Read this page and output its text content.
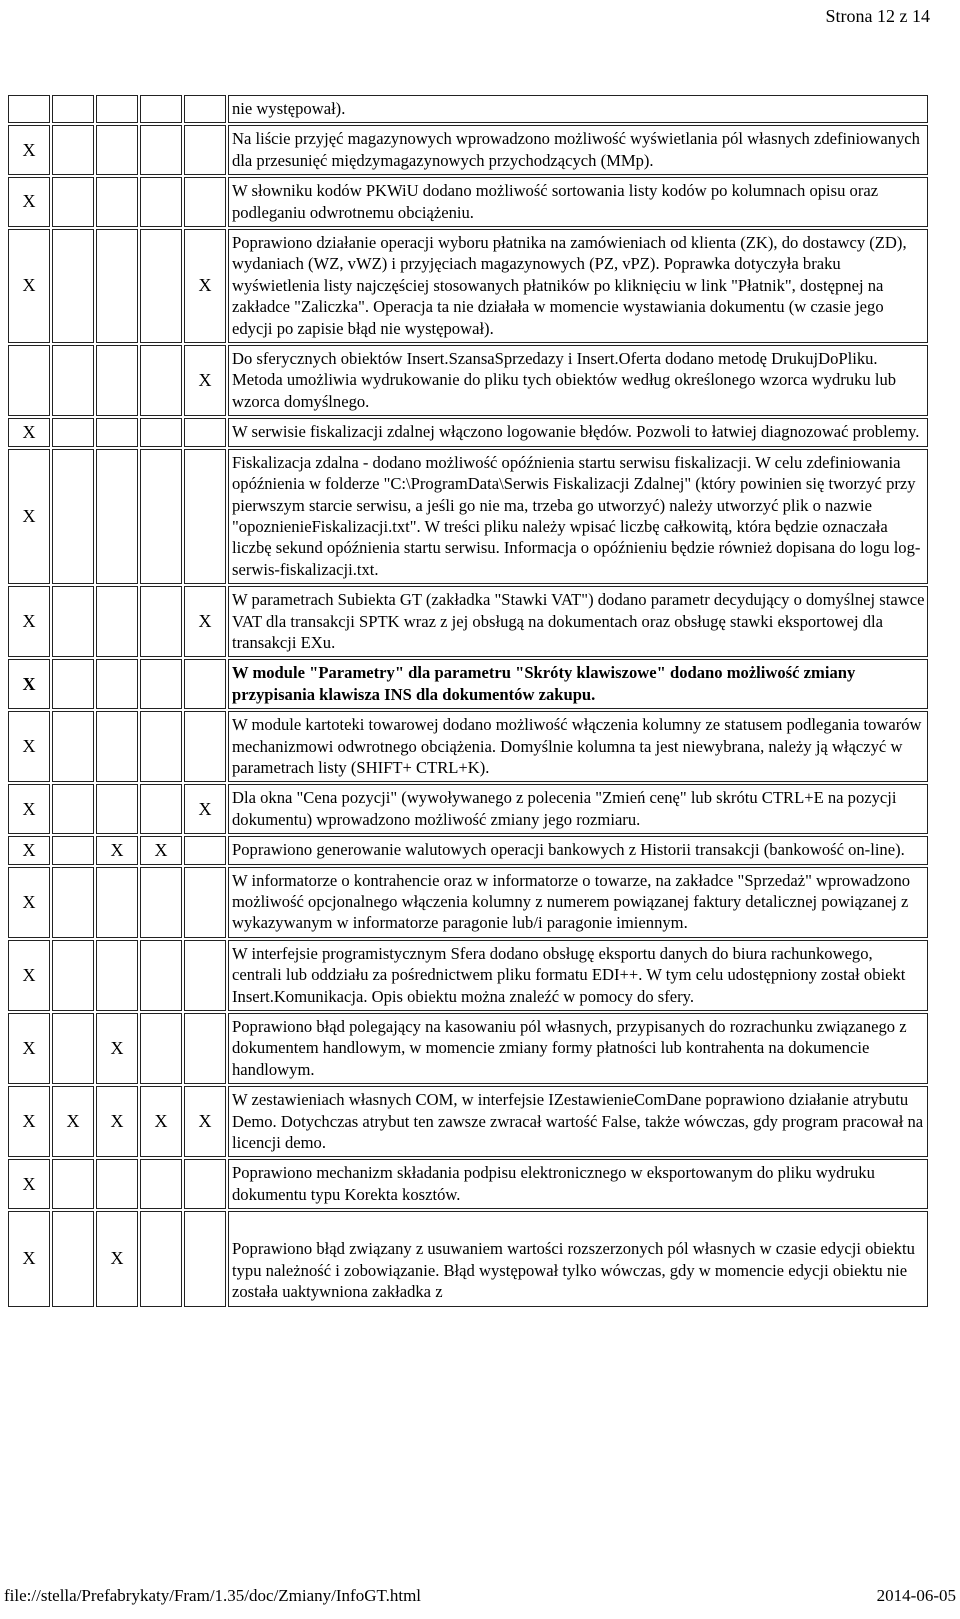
Strona 12 z 14
					nie występował).
X					Na liście przyjęć magazynowych wprowadzono możliwość wyświetlania pól własnych zdefiniowanych dla przesunięć międzymagazynowych przychodzących (MMp).
X					W słowniku kodów PKWiU dodano możliwość sortowania listy kodów po kolumnach opisu oraz podleganiu odwrotnemu obciążeniu.
X				X	Poprawiono działanie operacji wyboru płatnika na zamówieniach od klienta (ZK), do dostawcy (ZD), wydaniach (WZ, vWZ) i przyjęciach magazynowych (PZ, vPZ). Poprawka dotyczyła braku wyświetlenia listy najczęściej stosowanych płatników po kliknięciu w link "Płatnik", dostępnej na zakładce "Zaliczka". Operacja ta nie działała w momencie wystawiania dokumentu (w czasie jego edycji po zapisie błąd nie występował).
				X	Do sferycznych obiektów Insert.SzansaSprzedazy i Insert.Oferta dodano metodę DrukujDoPliku. Metoda umożliwia wydrukowanie do pliku tych obiektów według określonego wzorca wydruku lub wzorca domyślnego.
X					W serwisie fiskalizacji zdalnej włączono logowanie błędów. Pozwoli to łatwiej diagnozować problemy.
X					Fiskalizacja zdalna - dodano możliwość opóźnienia startu serwisu fiskalizacji. W celu zdefiniowania opóźnienia w folderze "C:\ProgramData\Serwis Fiskalizacji Zdalnej" (który powinien się tworzyć przy pierwszym starcie serwisu, a jeśli go nie ma, trzeba go utworzyć) należy utworzyć plik o nazwie "opoznienieFiskalizacji.txt". W treści pliku należy wpisać liczbę całkowitą, która będzie oznaczała liczbę sekund opóźnienia startu serwisu. Informacja o opóźnieniu będzie również dopisana do logu log-serwis-fiskalizacji.txt.
X				X	W parametrach Subiekta GT (zakładka "Stawki VAT") dodano parametr decydujący o domyślnej stawce VAT dla transakcji SPTK wraz z jej obsługą na dokumentach oraz obsługę stawki eksportowej dla transakcji EXu.
X					W module "Parametry" dla parametru "Skróty klawiszowe" dodano możliwość zmiany przypisania klawisza INS dla dokumentów zakupu.
X					W module kartoteki towarowej dodano możliwość włączenia kolumny ze statusem podlegania towarów mechanizmowi odwrotnego obciążenia. Domyślnie kolumna ta jest niewybrana, należy ją włączyć w parametrach listy (SHIFT+ CTRL+K).
X				X	Dla okna "Cena pozycji" (wywoływanego z polecenia "Zmień cenę" lub skrótu CTRL+E na pozycji dokumentu) wprowadzono możliwość zmiany jego rozmiaru.
X		X	X		Poprawiono generowanie walutowych operacji bankowych z Historii transakcji (bankowość on-line).
X					W informatorze o kontrahencie oraz w informatorze o towarze, na zakładce "Sprzedaż" wprowadzono możliwość opcjonalnego włączenia kolumny z numerem powiązanej faktury detalicznej powiązanej z wykazywanym w informatorze paragonie lub/i paragonie imiennym.
X					W interfejsie programistycznym Sfera dodano obsługę eksportu danych do biura rachunkowego, centrali lub oddziału za pośrednictwem pliku formatu EDI++. W tym celu udostępniony został obiekt Insert.Komunikacja. Opis obiektu można znaleźć w pomocy do sfery.
X		X			Poprawiono błąd polegający na kasowaniu pól własnych, przypisanych do rozrachunku związanego z dokumentem handlowym, w momencie zmiany formy płatności lub kontrahenta na dokumencie handlowym.
X	X	X	X	X	W zestawieniach własnych COM, w interfejsie IZestawienieComDane poprawiono działanie atrybutu Demo. Dotychczas atrybut ten zawsze zwracał wartość False, także wówczas, gdy program pracował na licencji demo.
X					Poprawiono mechanizm składania podpisu elektronicznego w eksportowanym do pliku wydruku dokumentu typu Korekta kosztów.
X		X			Poprawiono błąd związany z usuwaniem wartości rozszerzonych pól własnych w czasie edycji obiektu typu należność i zobowiązanie. Błąd występował tylko wówczas, gdy w momencie edycji obiektu nie została uaktywniona zakładka z
file://stella/Prefabrykaty/Fram/1.35/doc/Zmiany/InfoGT.html	2014-06-05
